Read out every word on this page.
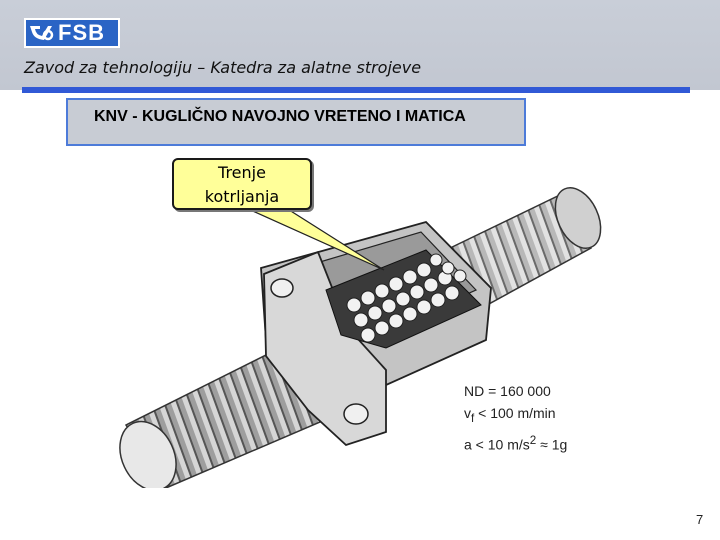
FSB
Zavod za tehnologiju – Katedra za alatne strojeve
KNV - KUGLIČNO NAVOJNO VRETENO I MATICA
Trenje
kotrljanja
ND = 160 000
$v_f < 100$ m/min
a < 10 $m/s^2 \approx 1g$
7
